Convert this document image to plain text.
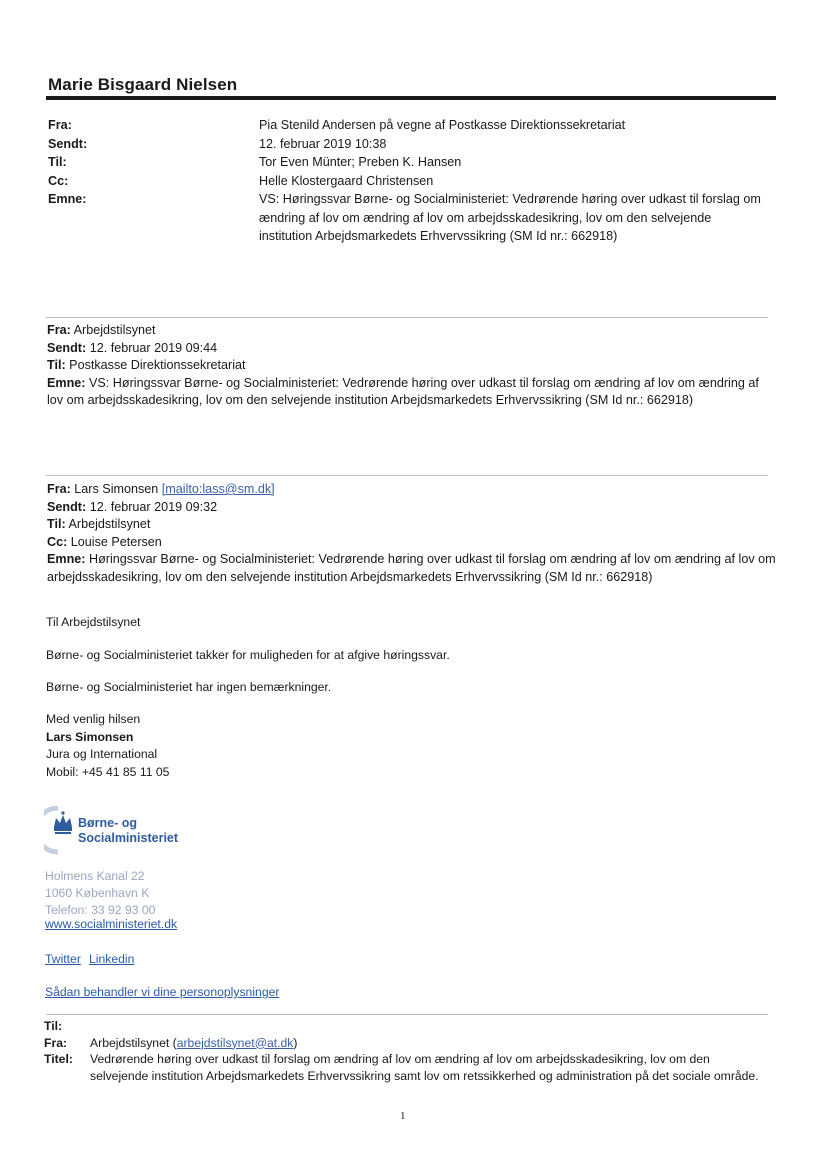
Marie Bisgaard Nielsen
Fra:	Pia Stenild Andersen på vegne af Postkasse Direktionssekretariat
Sendt:	12. februar 2019 10:38
Til:	Tor Even Münter; Preben K. Hansen
Cc:	Helle Klostergaard Christensen
Emne:	VS: Høringssvar Børne- og Socialministeriet: Vedrørende høring over udkast til forslag om ændring af lov om ændring af lov om arbejdsskadesikring, lov om den selvejende institution Arbejdsmarkedets Erhvervssikring (SM Id nr.: 662918)
Fra: Arbejdstilsynet
Sendt: 12. februar 2019 09:44
Til: Postkasse Direktionssekretariat
Emne: VS: Høringssvar Børne- og Socialministeriet: Vedrørende høring over udkast til forslag om ændring af lov om ændring af lov om arbejdsskadesikring, lov om den selvejende institution Arbejdsmarkedets Erhvervssikring (SM Id nr.: 662918)
Fra: Lars Simonsen [mailto:lass@sm.dk]
Sendt: 12. februar 2019 09:32
Til: Arbejdstilsynet
Cc: Louise Petersen
Emne: Høringssvar Børne- og Socialministeriet: Vedrørende høring over udkast til forslag om ændring af lov om ændring af lov om arbejdsskadesikring, lov om den selvejende institution Arbejdsmarkedets Erhvervssikring (SM Id nr.: 662918)
Til Arbejdstilsynet
Børne- og Socialministeriet takker for muligheden for at afgive høringssvar.
Børne- og Socialministeriet har ingen bemærkninger.
Med venlig hilsen
Lars Simonsen
Jura og International
Mobil: +45 41 85 11 05
Børne- og
Socialministeriet
Holmens Kanal 22
1060 København K
Telefon: 33 92 93 00
www.socialministeriet.dk
Twitter Linkedin
Sådan behandler vi dine personoplysninger
Til:
Fra:	Arbejdstilsynet (arbejdstilsynet@at.dk)
Titel:	Vedrørende høring over udkast til forslag om ændring af lov om ændring af lov om arbejdsskadesikring, lov om den selvejende institution Arbejdsmarkedets Erhvervssikring samt lov om retssikkerhed og administration på det sociale område.
1
